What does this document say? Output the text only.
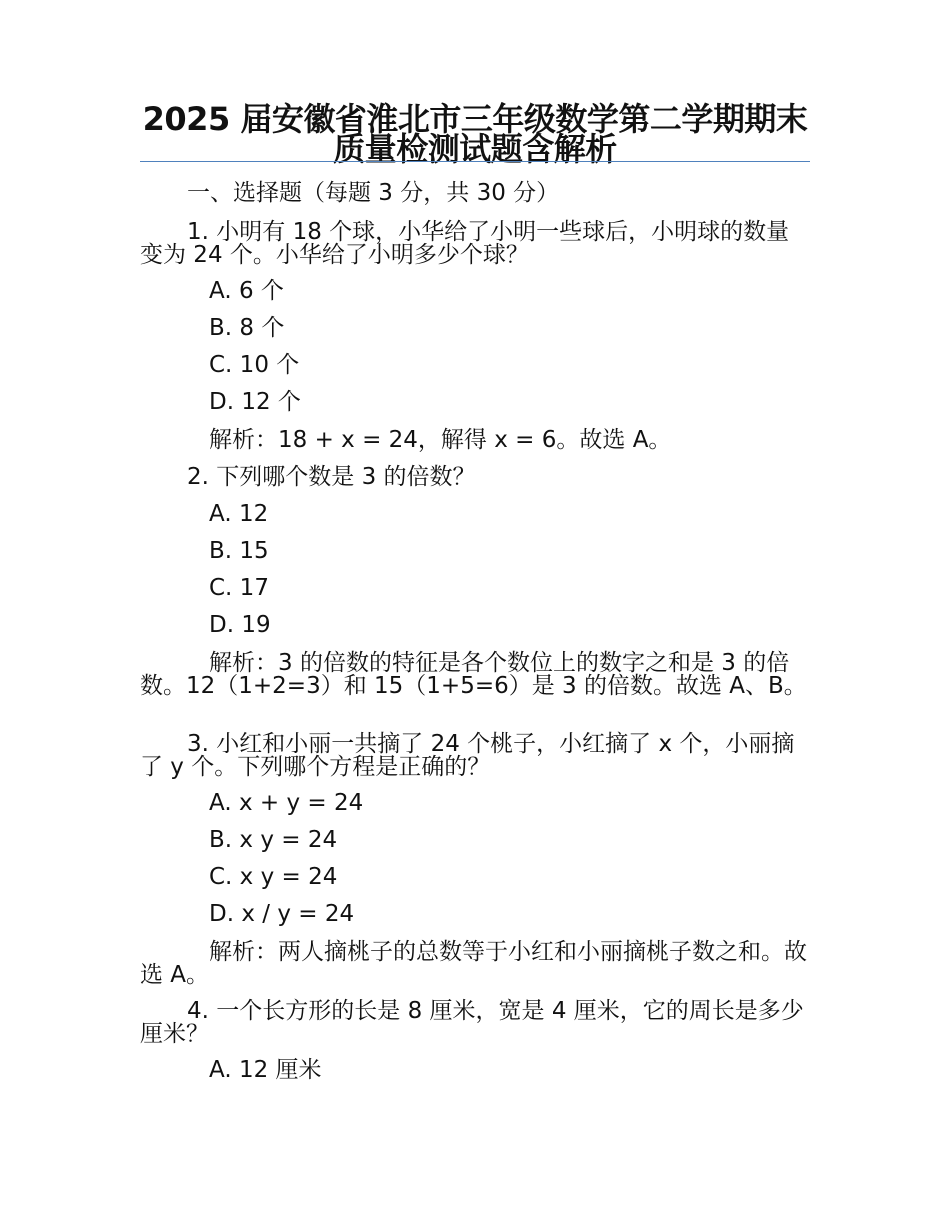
2025 届安徽省淮北市三年级数学第二学期期末质量检测试题含解析
一、选择题（每题 3 分，共 30 分）
1. 小明有 18 个球，小华给了小明一些球后，小明球的数量变为 24 个。小华给了小明多少个球？
A. 6 个
B. 8 个
C. 10 个
D. 12 个
解析：18 + x = 24，解得 x = 6。故选 A。
2. 下列哪个数是 3 的倍数？
A. 12
B. 15
C. 17
D. 19
解析：3 的倍数的特征是各个数位上的数字之和是 3 的倍数。12（1+2=3）和 15（1+5=6）是 3 的倍数。故选 A、B。
3. 小红和小丽一共摘了 24 个桃子，小红摘了 x 个，小丽摘了 y 个。下列哪个方程是正确的？
A. x + y = 24
B. x y = 24
C. x y = 24
D. x / y = 24
解析：两人摘桃子的总数等于小红和小丽摘桃子数之和。故选 A。
4. 一个长方形的长是 8 厘米，宽是 4 厘米，它的周长是多少厘米？
A. 12 厘米
